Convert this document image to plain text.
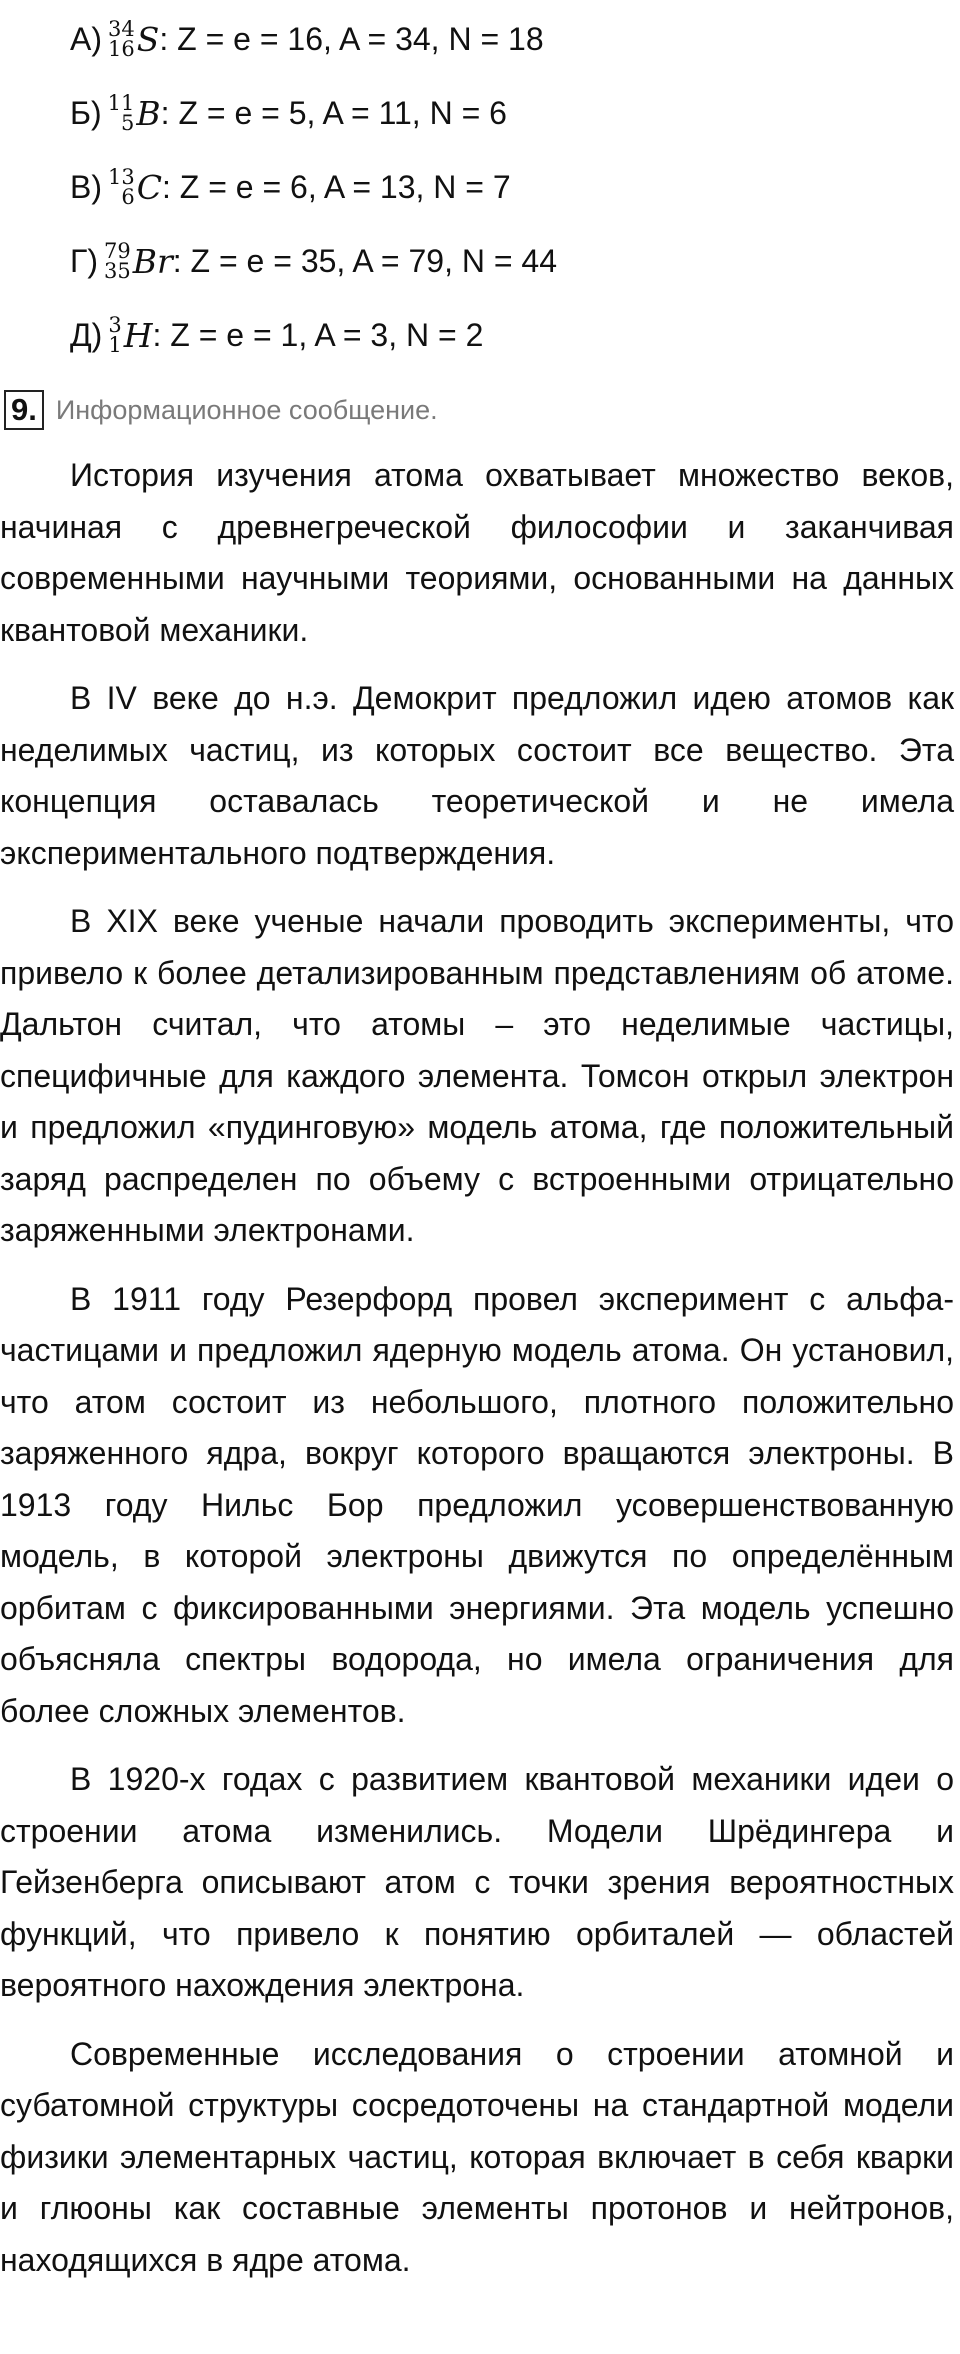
А) 34
16 S : Z = e = 16, A = 34, N = 18
Б) 11
5 B : Z = e = 5, A = 11, N = 6
В) 13
6 C : Z = e = 6, A = 13, N = 7
Г) 79
35 Br : Z = e = 35, A = 79, N = 44
Д) 3
1 H : Z = e = 1, A = 3, N = 2
9. Информационное сообщение.

История изучения атома охватывает множество веков, начиная с древнегреческой философии и заканчивая современными научными теориями, основанными на данных квантовой механики.

В IV веке до н.э. Демокрит предложил идею атомов как неделимых частиц, из которых состоит все вещество. Эта концепция оставалась теоретической и не имела экспериментального подтверждения.

В XIX веке ученые начали проводить эксперименты, что привело к более детализированным представлениям об атоме. Дальтон считал, что атомы – это неделимые частицы, специфичные для каждого элемента. Томсон открыл электрон и предложил «пудинговую» модель атома, где положительный заряд распределен по объему с встроенными отрицательно заряженными электронами.

В 1911 году Резерфорд провел эксперимент с альфа-частицами и предложил ядерную модель атома. Он установил, что атом состоит из небольшого, плотного положительно заряженного ядра, вокруг которого вращаются электроны. В 1913 году Нильс Бор предложил усовершенствованную модель, в которой электроны движутся по определённым орбитам с фиксированными энергиями. Эта модель успешно объясняла спектры водорода, но имела ограничения для более сложных элементов.

В 1920-х годах с развитием квантовой механики идеи о строении атома изменились. Модели Шрёдингера и Гейзенберга описывают атом с точки зрения вероятностных функций, что привело к понятию орбиталей — областей вероятного нахождения электрона.

Современные исследования о строении атомной и субатомной структуры сосредоточены на стандартной модели физики элементарных частиц, которая включает в себя кварки и глюоны как составные элементы протонов и нейтронов, находящихся в ядре атома.
